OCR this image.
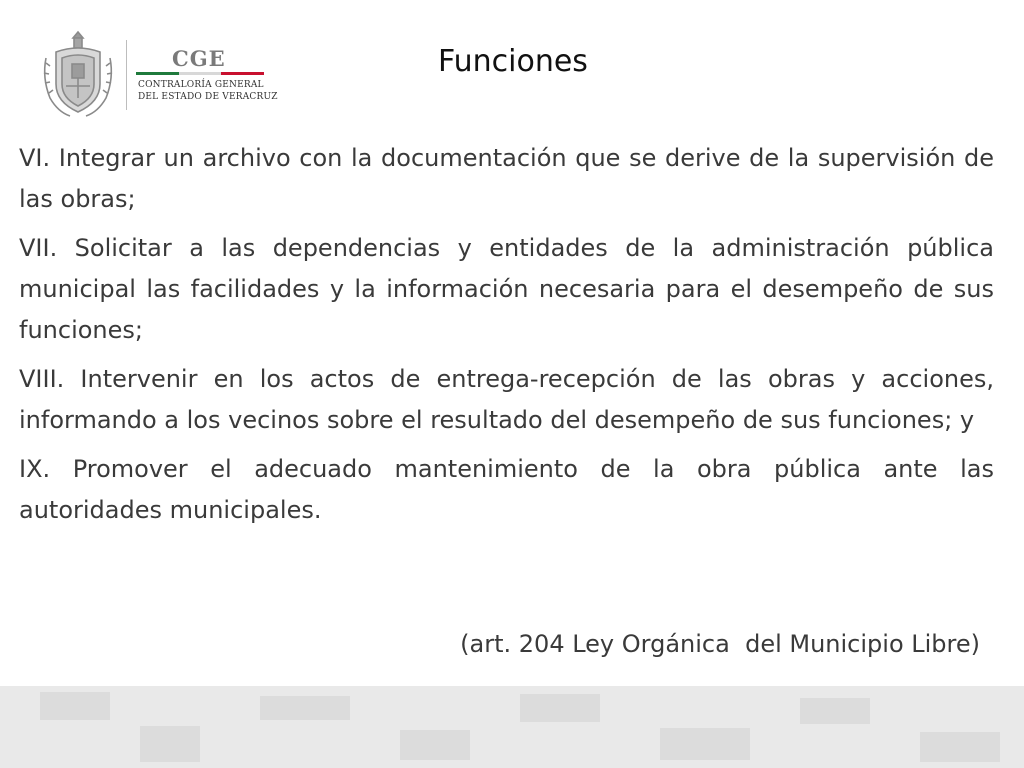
CGE
CONTRALORÍA GENERAL
DEL ESTADO DE VERACRUZ
Funciones

VI. Integrar un archivo con la documentación que se derive de la supervisión de las obras;

VII. Solicitar a las dependencias y entidades de la administración pública municipal las facilidades y la información necesaria para el desempeño de sus funciones;

VIII. Intervenir en los actos de entrega-recepción de las obras y acciones, informando a los vecinos sobre el resultado del desempeño de sus funciones; y

IX. Promover el adecuado mantenimiento de la obra pública ante las autoridades municipales.

(art. 204 Ley Orgánica  del Municipio Libre)
